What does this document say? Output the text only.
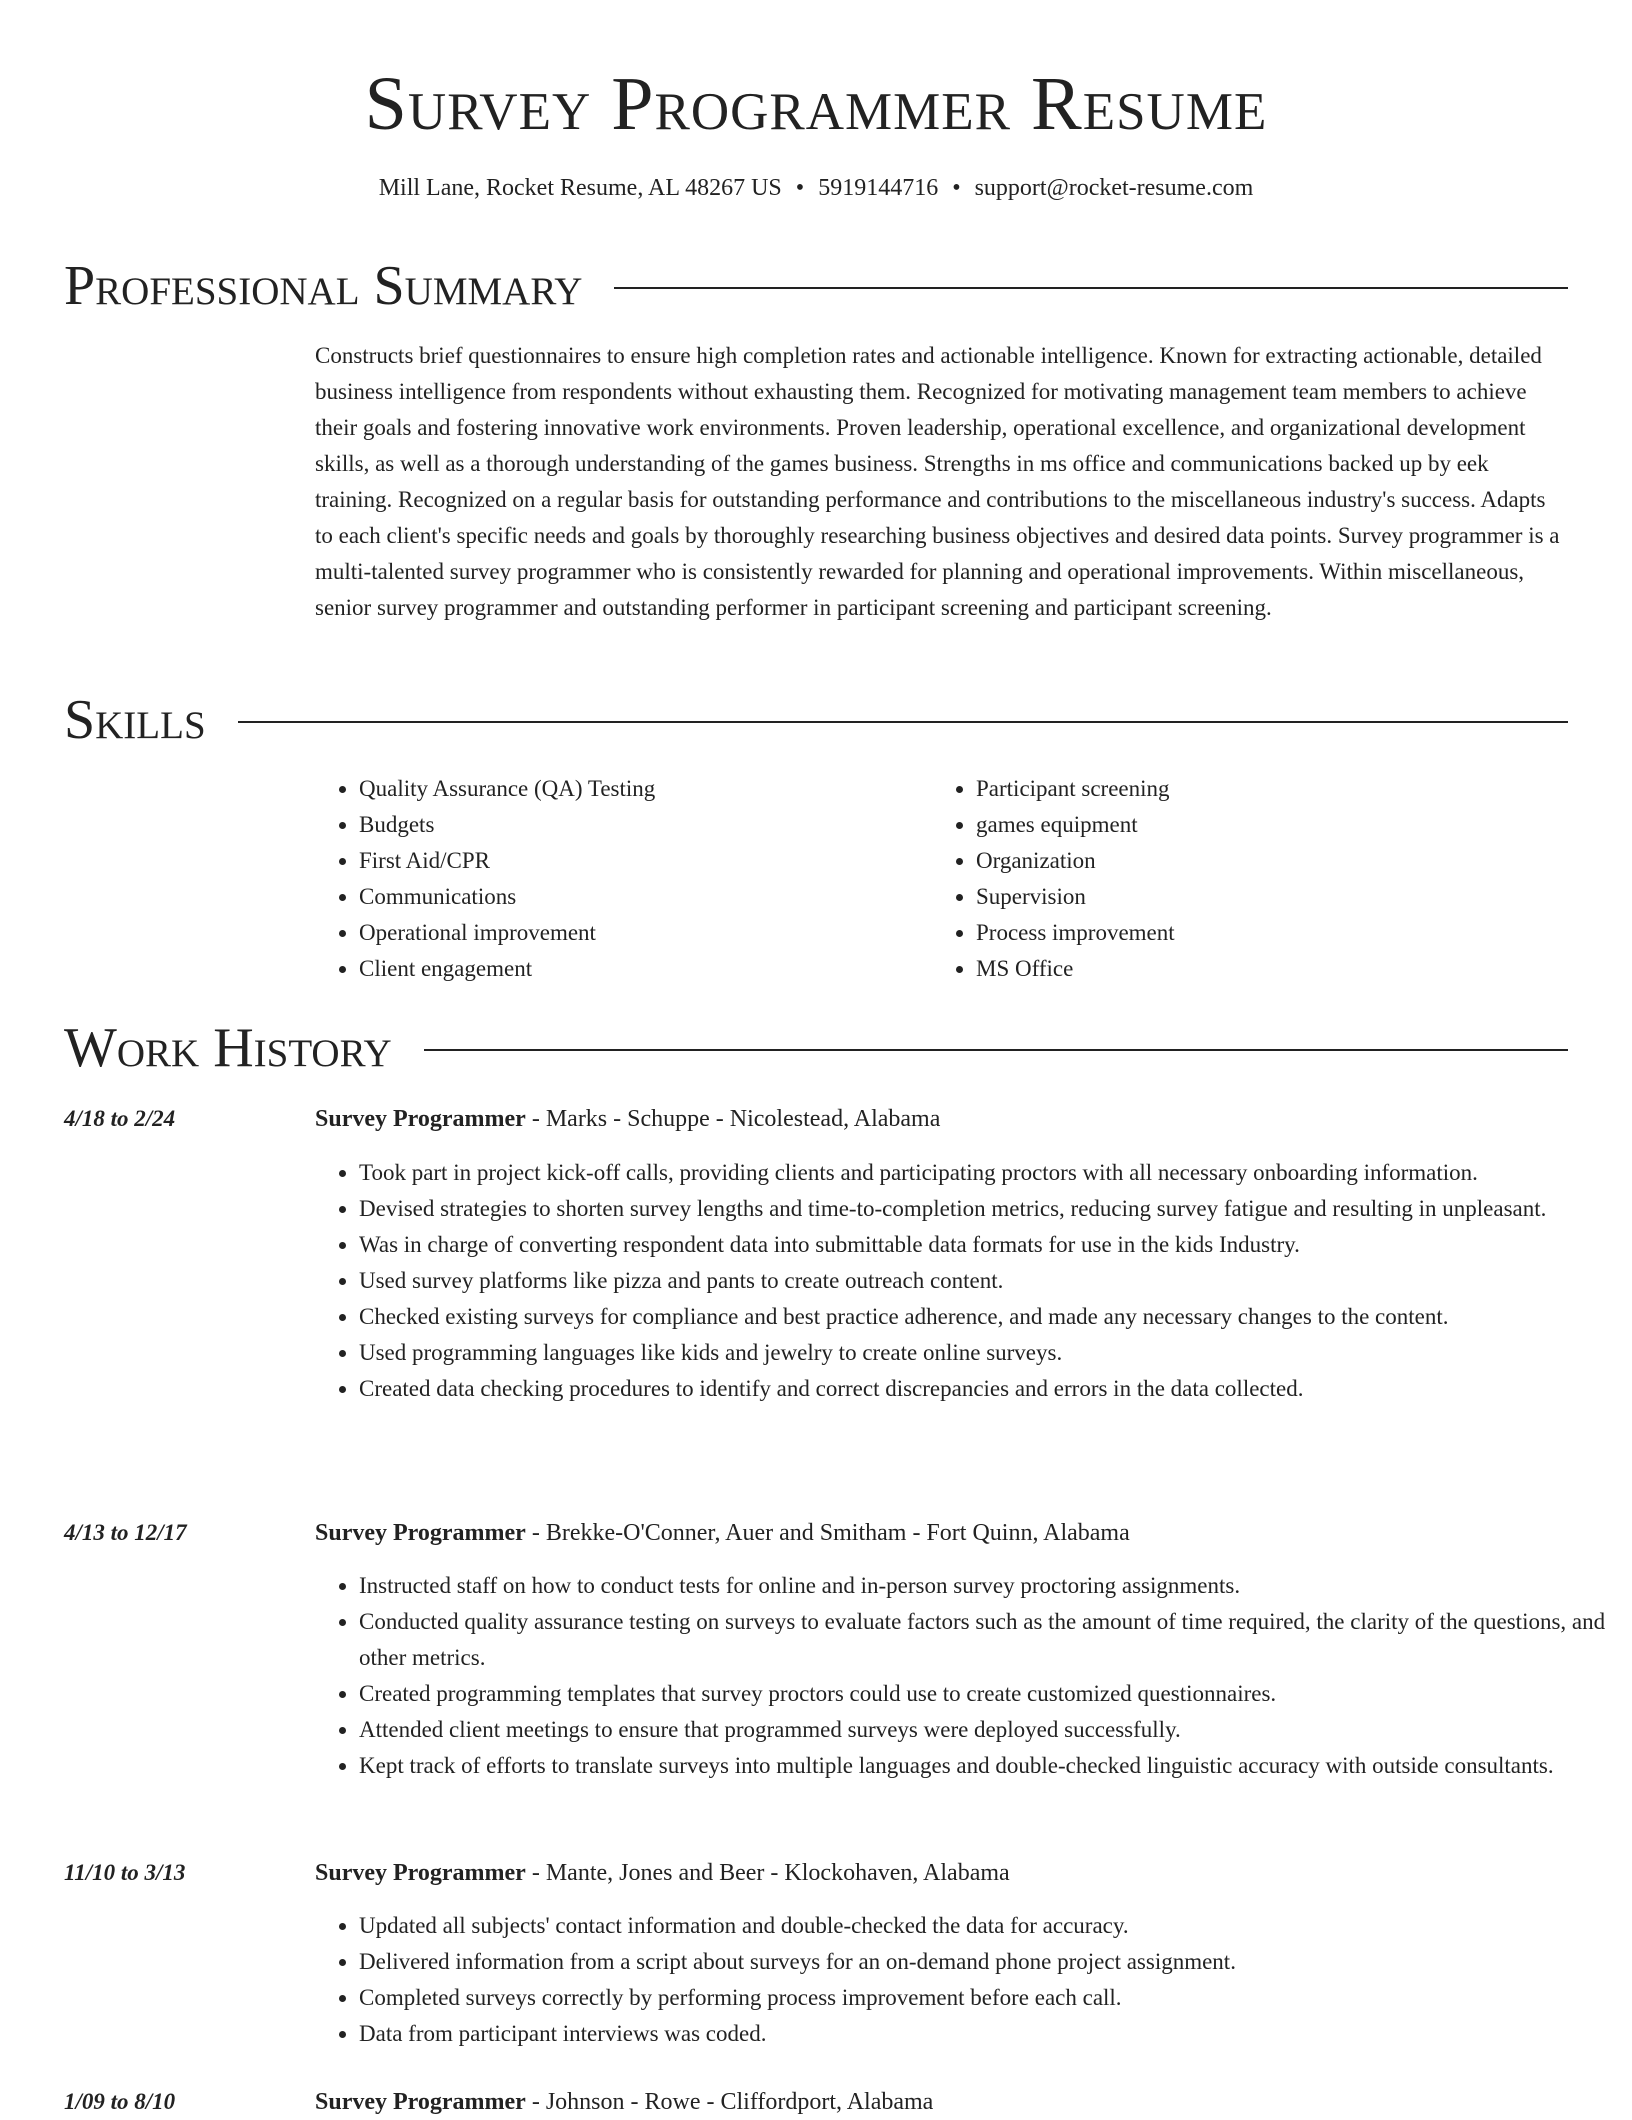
Survey Programmer Resume
Mill Lane, Rocket Resume, AL 48267 US • 5919144716 • support@rocket-resume.com
Professional Summary

Constructs brief questionnaires to ensure high completion rates and actionable intelligence. Known for extracting actionable, detailed business intelligence from respondents without exhausting them. Recognized for motivating management team members to achieve their goals and fostering innovative work environments. Proven leadership, operational excellence, and organizational development skills, as well as a thorough understanding of the games business. Strengths in ms office and communications backed up by eek training. Recognized on a regular basis for outstanding performance and contributions to the miscellaneous industry's success. Adapts to each client's specific needs and goals by thoroughly researching business objectives and desired data points. Survey programmer is a multi-talented survey programmer who is consistently rewarded for planning and operational improvements. Within miscellaneous, senior survey programmer and outstanding performer in participant screening and participant screening.

Skills
• Quality Assurance (QA) Testing
• Budgets
• First Aid/CPR
• Communications
• Operational improvement
• Client engagement
• Participant screening
• games equipment
• Organization
• Supervision
• Process improvement
• MS Office
Work History
4/18 to 2/24	Survey Programmer - Marks - Schuppe - Nicolestead, Alabama
• Took part in project kick-off calls, providing clients and participating proctors with all necessary onboarding information.
• Devised strategies to shorten survey lengths and time-to-completion metrics, reducing survey fatigue and resulting in unpleasant.
• Was in charge of converting respondent data into submittable data formats for use in the kids Industry.
• Used survey platforms like pizza and pants to create outreach content.
• Checked existing surveys for compliance and best practice adherence, and made any necessary changes to the content.
• Used programming languages like kids and jewelry to create online surveys.
• Created data checking procedures to identify and correct discrepancies and errors in the data collected.
4/13 to 12/17	Survey Programmer - Brekke-O'Conner, Auer and Smitham - Fort Quinn, Alabama
• Instructed staff on how to conduct tests for online and in-person survey proctoring assignments.
• Conducted quality assurance testing on surveys to evaluate factors such as the amount of time required, the clarity of the questions, and other metrics.
• Created programming templates that survey proctors could use to create customized questionnaires.
• Attended client meetings to ensure that programmed surveys were deployed successfully.
• Kept track of efforts to translate surveys into multiple languages and double-checked linguistic accuracy with outside consultants.
11/10 to 3/13	Survey Programmer - Mante, Jones and Beer - Klockohaven, Alabama
• Updated all subjects' contact information and double-checked the data for accuracy.
• Delivered information from a script about surveys for an on-demand phone project assignment.
• Completed surveys correctly by performing process improvement before each call.
• Data from participant interviews was coded.
1/09 to 8/10	Survey Programmer - Johnson - Rowe - Cliffordport, Alabama
